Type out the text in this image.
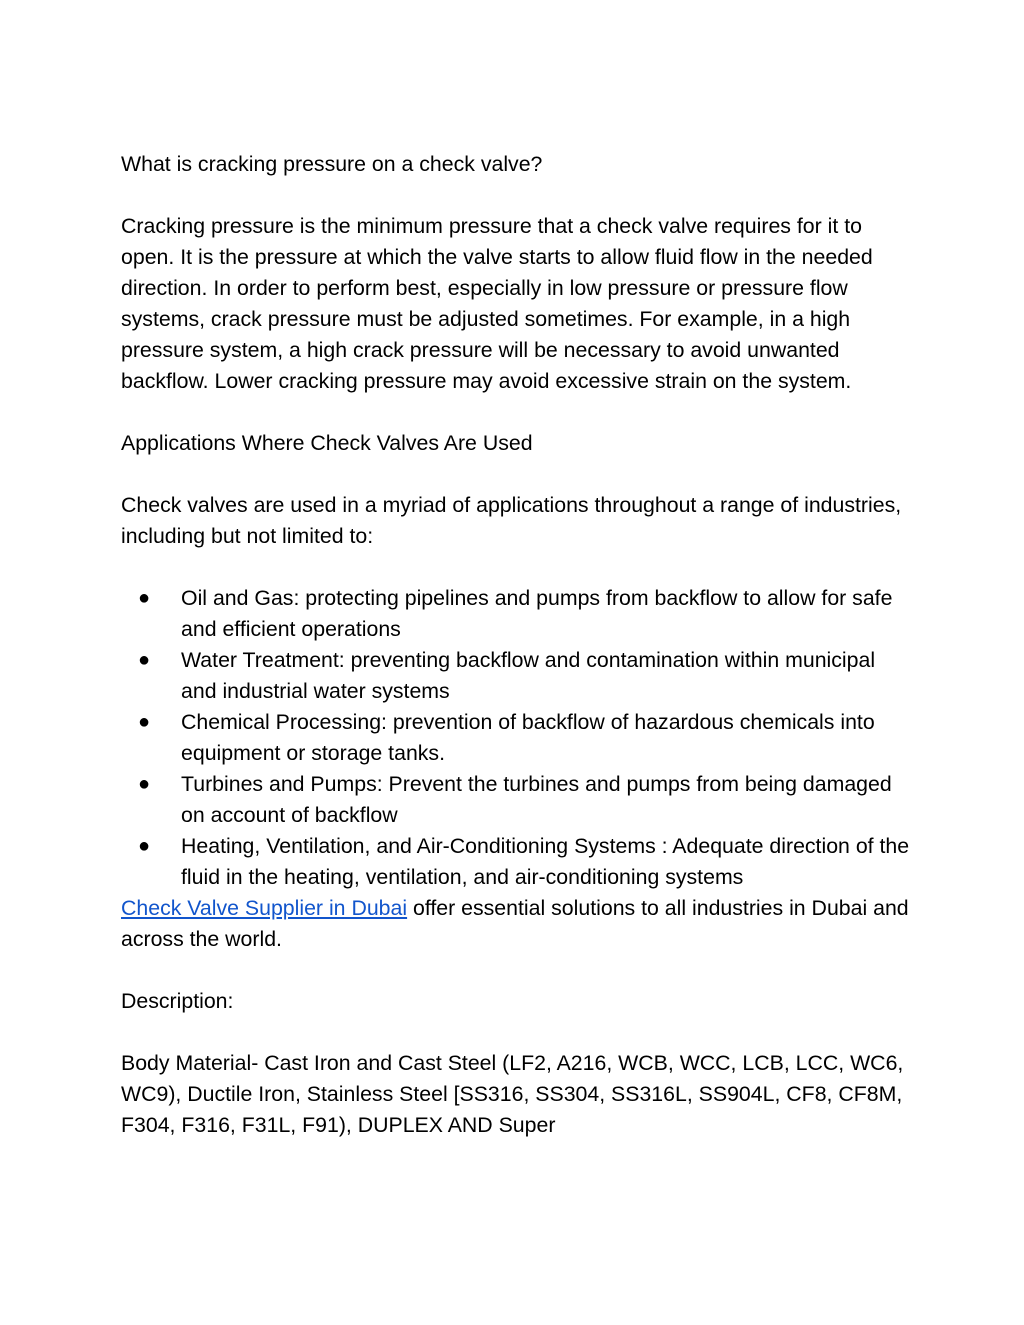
What is cracking pressure on a check valve?

Cracking pressure is the minimum pressure that a check valve requires for it to open. It is the pressure at which the valve starts to allow fluid flow in the needed direction. In order to perform best, especially in low pressure or pressure flow systems, crack pressure must be adjusted sometimes. For example, in a high pressure system, a high crack pressure will be necessary to avoid unwanted backflow. Lower cracking pressure may avoid excessive strain on the system.

Applications Where Check Valves Are Used

Check valves are used in a myriad of applications throughout a range of industries, including but not limited to:

● Oil and Gas: protecting pipelines and pumps from backflow to allow for safe and efficient operations
● Water Treatment: preventing backflow and contamination within municipal and industrial water systems
● Chemical Processing: prevention of backflow of hazardous chemicals into equipment or storage tanks.
● Turbines and Pumps: Prevent the turbines and pumps from being damaged on account of backflow
● Heating, Ventilation, and Air-Conditioning Systems : Adequate direction of the fluid in the heating, ventilation, and air-conditioning systems

Check Valve Supplier in Dubai offer essential solutions to all industries in Dubai and across the world.

Description:

Body Material- Cast Iron and Cast Steel (LF2, A216, WCB, WCC, LCB, LCC, WC6, WC9), Ductile Iron, Stainless Steel [SS316, SS304, SS316L, SS904L, CF8, CF8M, F304, F316, F31L, F91), DUPLEX AND Super
